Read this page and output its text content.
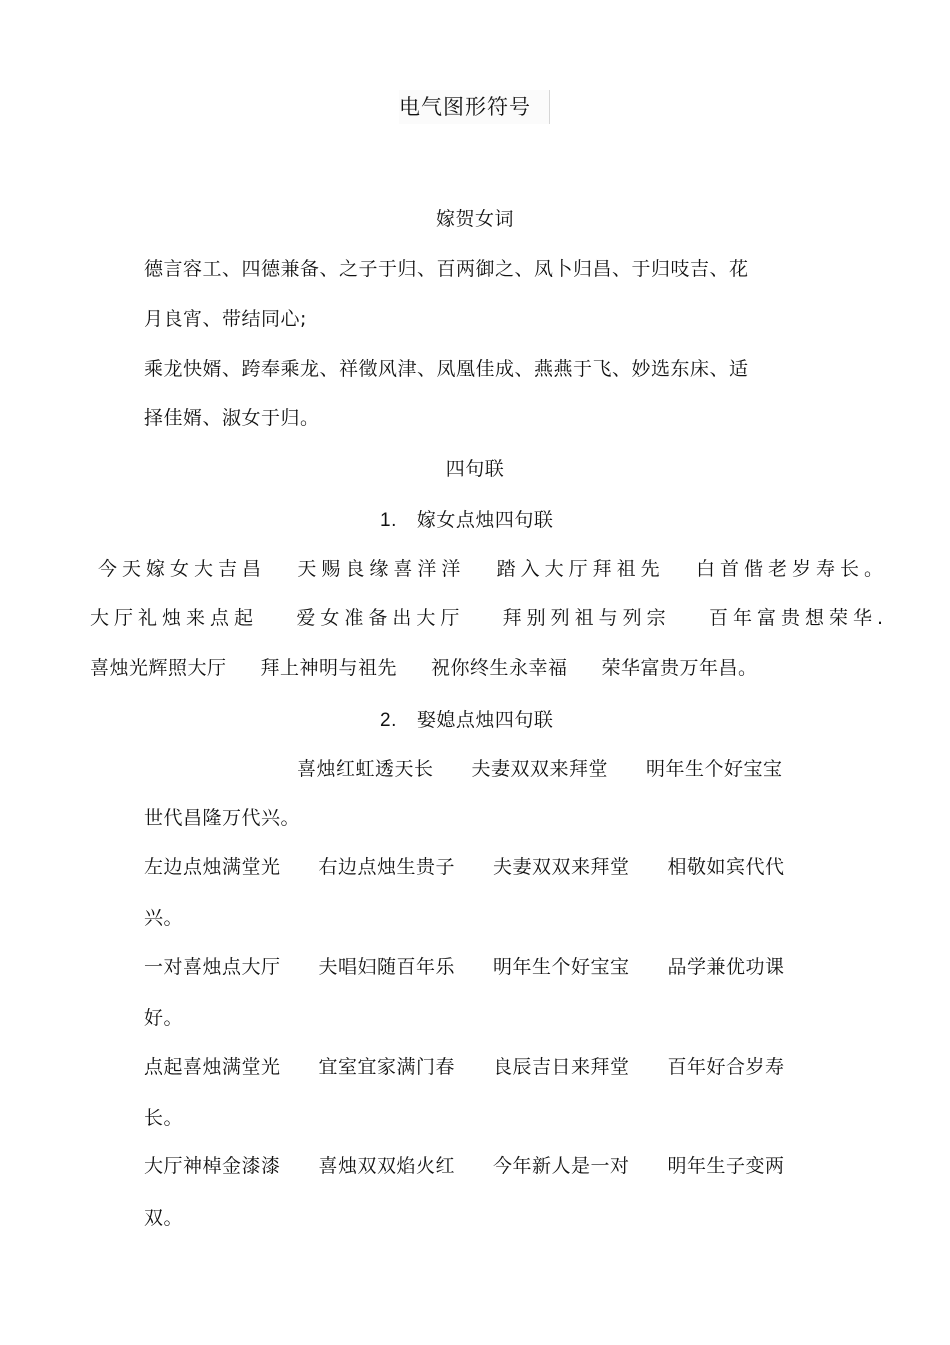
电气图形符号
嫁贺女词
德言容工、四德兼备、之子于归、百两御之、凤卜归昌、于归吱吉、花
月良宵、带结同心;
乘龙快婿、跨奉乘龙、祥徵风津、凤凰佳成、燕燕于飞、妙选东床、适
择佳婿、淑女于归。
四句联
1. 嫁女点烛四句联
今天嫁女大吉昌 天赐良缘喜洋洋 踏入大厅拜祖先 白首偕老岁寿长。
大厅礼烛来点起 爱女准备出大厅 拜别列祖与列宗 百年富贵想荣华.
喜烛光辉照大厅 拜上神明与祖先 祝你终生永幸福 荣华富贵万年昌。
2. 娶媳点烛四句联
喜烛红虹透天长 夫妻双双来拜堂 明年生个好宝宝
世代昌隆万代兴。
左边点烛满堂光 右边点烛生贵子 夫妻双双来拜堂 相敬如宾代代
兴。
一对喜烛点大厅 夫唱妇随百年乐 明年生个好宝宝 品学兼优功课
好。
点起喜烛满堂光 宜室宜家满门春 良辰吉日来拜堂 百年好合岁寿
长。
大厅神棹金漆漆 喜烛双双焰火红 今年新人是一对 明年生子变两
双。
